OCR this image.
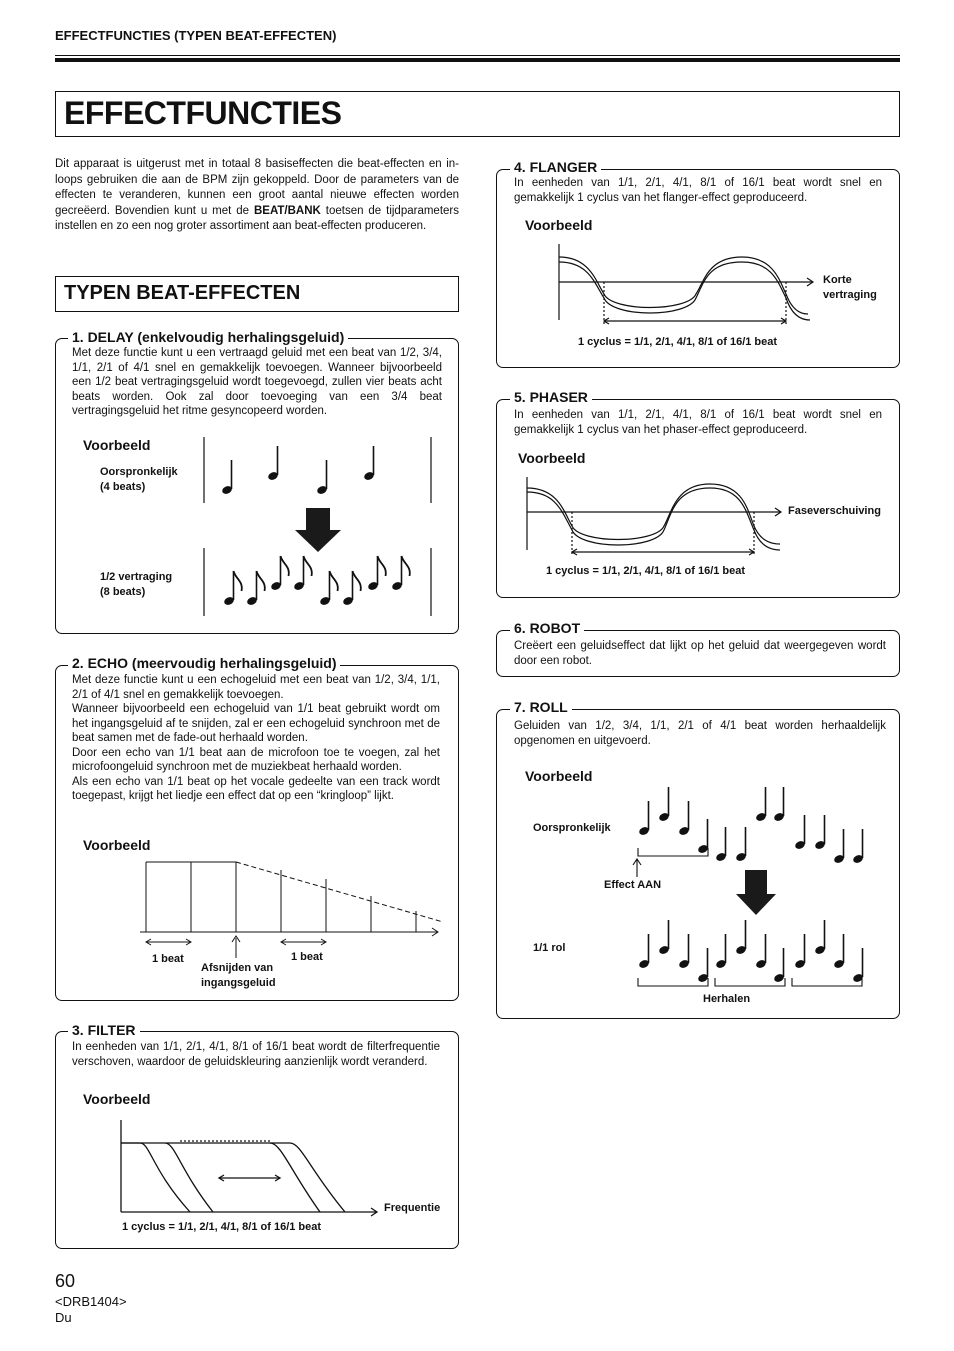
EFFECTFUNCTIES (TYPEN BEAT-EFFECTEN)
EFFECTFUNCTIES
Dit apparaat is uitgerust met in totaal 8 basiseffecten die beat-effecten en in-loops gebruiken die aan de BPM zijn gekoppeld. Door de parameters van de effecten te veranderen, kunnen een groot aantal nieuwe effecten worden gecreëerd. Bovendien kunt u met de BEAT/BANK toetsen de tijdparameters instellen en zo een nog groter assortiment aan beat-effecten produceren.
TYPEN BEAT-EFFECTEN
1. DELAY (enkelvoudig herhalingsgeluid)
Met deze functie kunt u een vertraagd geluid met een beat van 1/2, 3/4, 1/1, 2/1 of 4/1 snel en gemakkelijk toevoegen. Wanneer bijvoorbeeld een 1/2 beat vertragingsgeluid wordt toegevoegd, zullen vier beats acht beats worden. Ook zal door toevoeging van een 3/4 beat vertragingsgeluid het ritme gesyncopeerd worden.
Voorbeeld
Oorspronkelijk
(4 beats)
1/2 vertraging
(8 beats)
2. ECHO (meervoudig herhalingsgeluid)
Met deze functie kunt u een echogeluid met een beat van 1/2, 3/4, 1/1, 2/1 of 4/1 snel en gemakkelijk toevoegen.
Wanneer bijvoorbeeld een echogeluid van 1/1 beat gebruikt wordt om het ingangsgeluid af te snijden, zal er een echogeluid synchroon met de beat samen met de fade-out herhaald worden.
Door een echo van 1/1 beat aan de microfoon toe te voegen, zal het microfoongeluid synchroon met de muziekbeat herhaald worden.
Als een echo van 1/1 beat op het vocale gedeelte van een track wordt toegepast, krijgt het liedje een effect dat op een “kringloop” lijkt.
Voorbeeld
1 beat	1 beat
Afsnijden van
ingangsgeluid
3. FILTER
In eenheden van 1/1, 2/1, 4/1, 8/1 of 16/1 beat wordt de filterfrequentie verschoven, waardoor de geluidskleuring aanzienlijk wordt veranderd.
Voorbeeld
Frequentie
1 cyclus = 1/1, 2/1, 4/1, 8/1 of 16/1 beat
4. FLANGER
In eenheden van 1/1, 2/1, 4/1, 8/1 of 16/1 beat wordt snel en gemakkelijk 1 cyclus van het flanger-effect geproduceerd.
Voorbeeld
Korte
vertraging
1 cyclus = 1/1, 2/1, 4/1, 8/1 of 16/1 beat
5. PHASER
In eenheden van 1/1, 2/1, 4/1, 8/1 of 16/1 beat wordt snel en gemakkelijk 1 cyclus van het phaser-effect geproduceerd.
Voorbeeld
Faseverschuiving
1 cyclus = 1/1, 2/1, 4/1, 8/1 of 16/1 beat
6. ROBOT
Creëert een geluidseffect dat lijkt op het geluid dat weergegeven wordt door een robot.
7. ROLL
Geluiden van 1/2, 3/4, 1/1, 2/1 of 4/1 beat worden herhaaldelijk opgenomen en uitgevoerd.
Voorbeeld
Oorspronkelijk
Effect AAN
1/1 rol
Herhalen
60
<DRB1404>
Du
